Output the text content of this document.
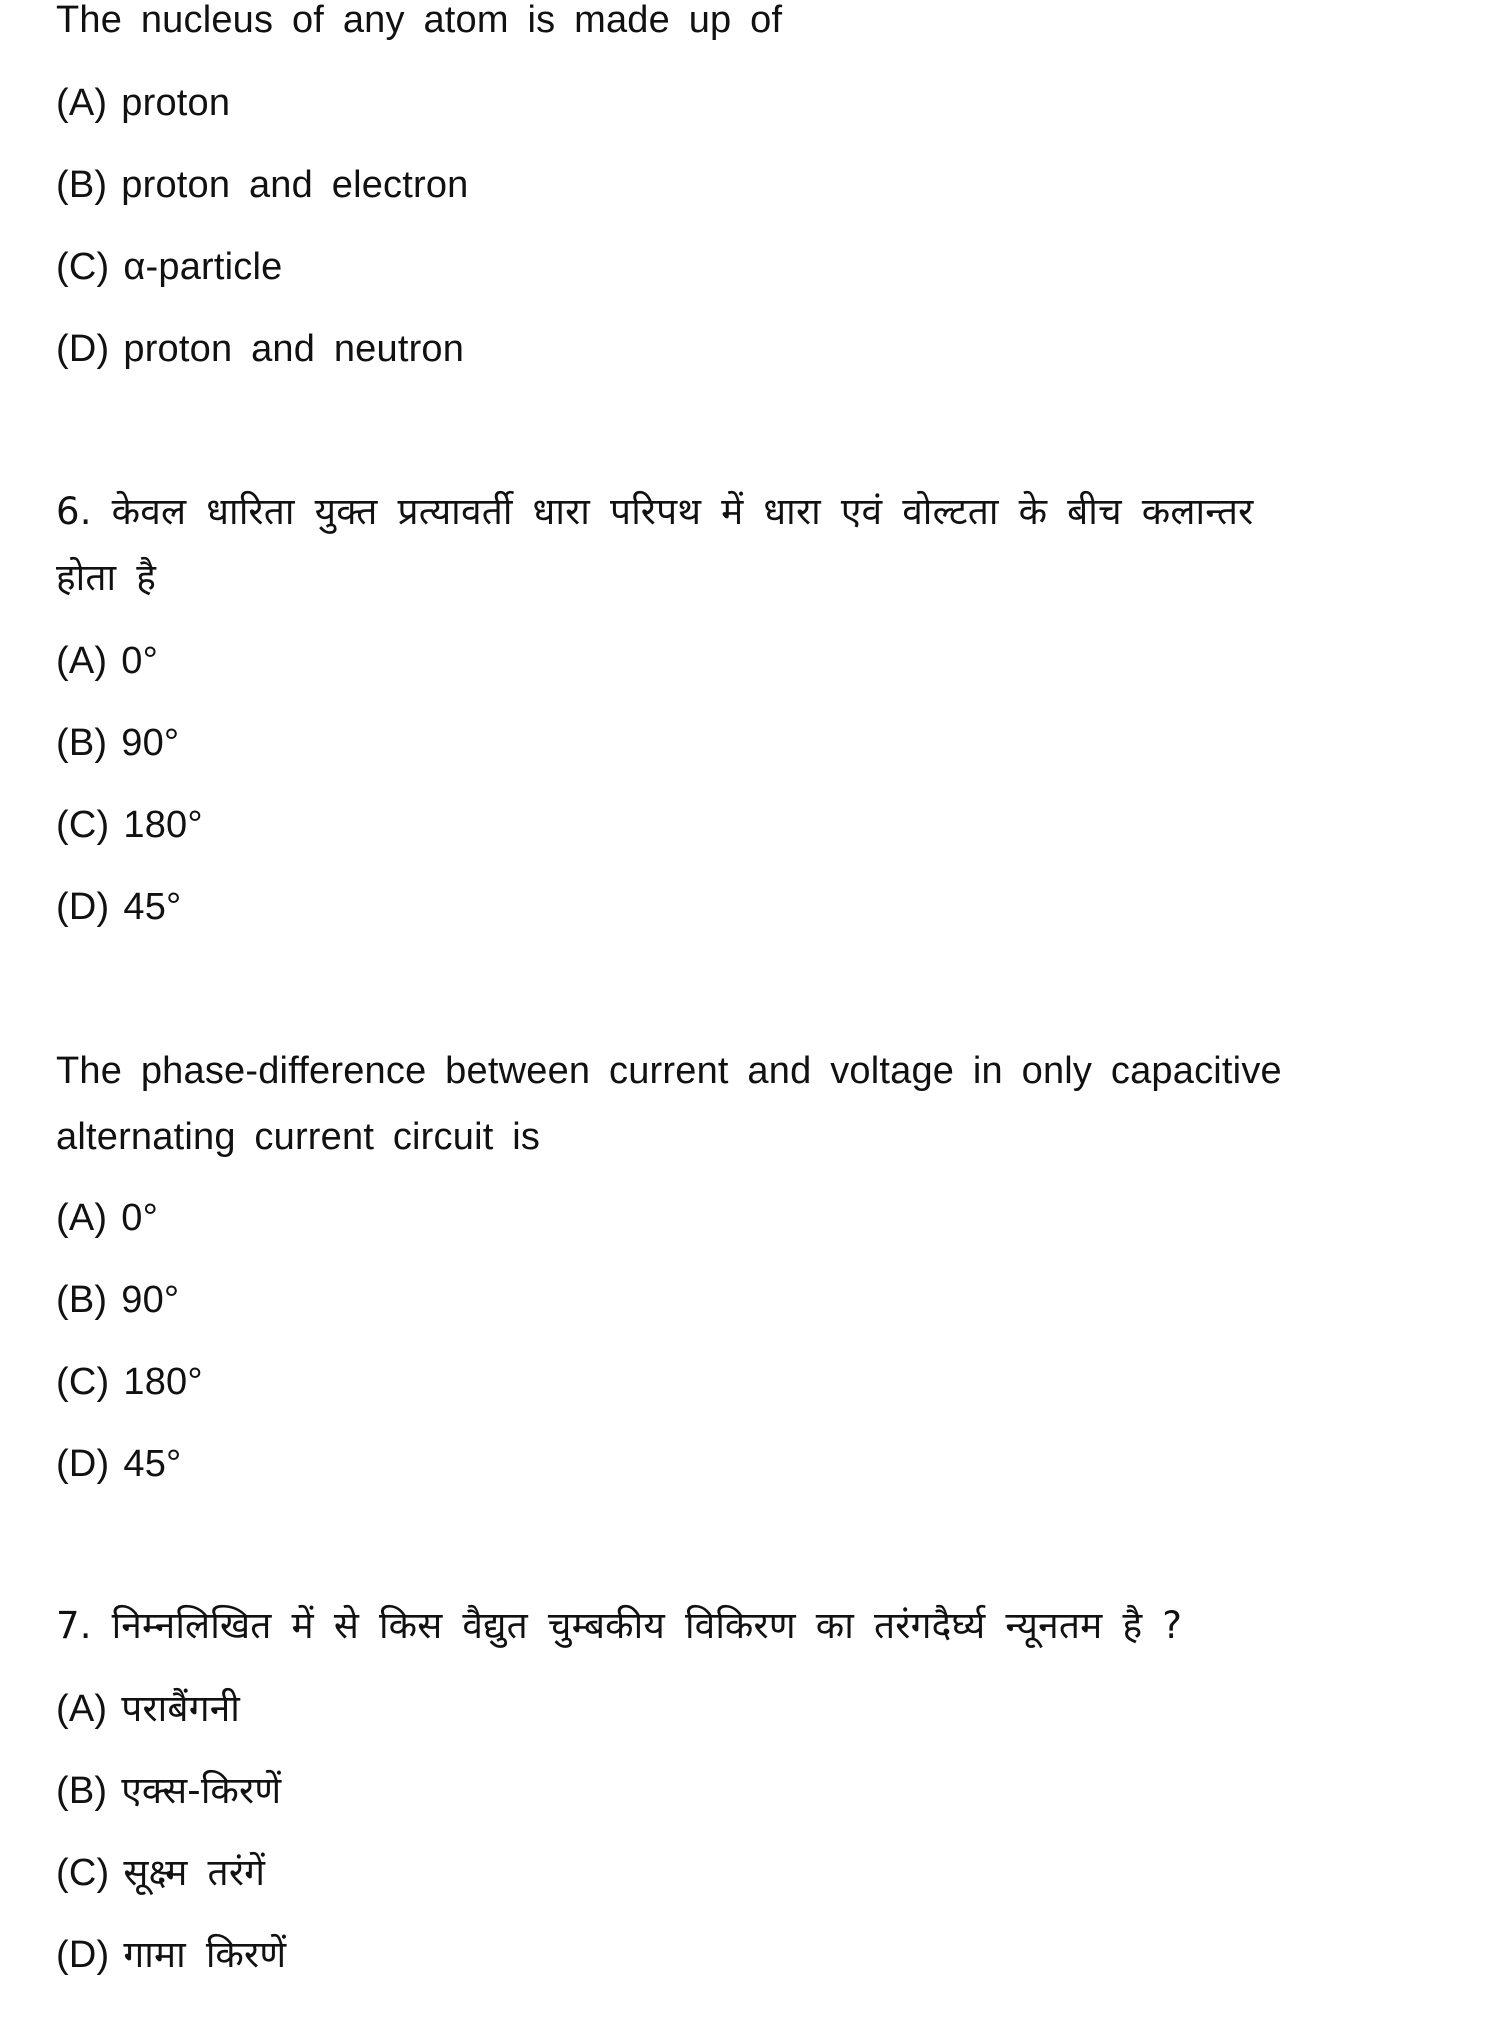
The nucleus of any atom is made up of
(A) proton
(B) proton and electron
(C) α-particle
(D) proton and neutron
6. केवल धारिता युक्त प्रत्यावर्ती धारा परिपथ में धारा एवं वोल्टता के बीच कलान्तर
होता है
(A) 0°
(B) 90°
(C) 180°
(D) 45°
The phase-difference between current and voltage in only capacitive
alternating current circuit is
(A) 0°
(B) 90°
(C) 180°
(D) 45°
7. निम्नलिखित में से किस वैद्युत चुम्बकीय विकिरण का तरंगदैर्घ्य न्यूनतम है ?
(A) पराबैंगनी
(B) एक्स-किरणें
(C) सूक्ष्म तरंगें
(D) गामा किरणें
